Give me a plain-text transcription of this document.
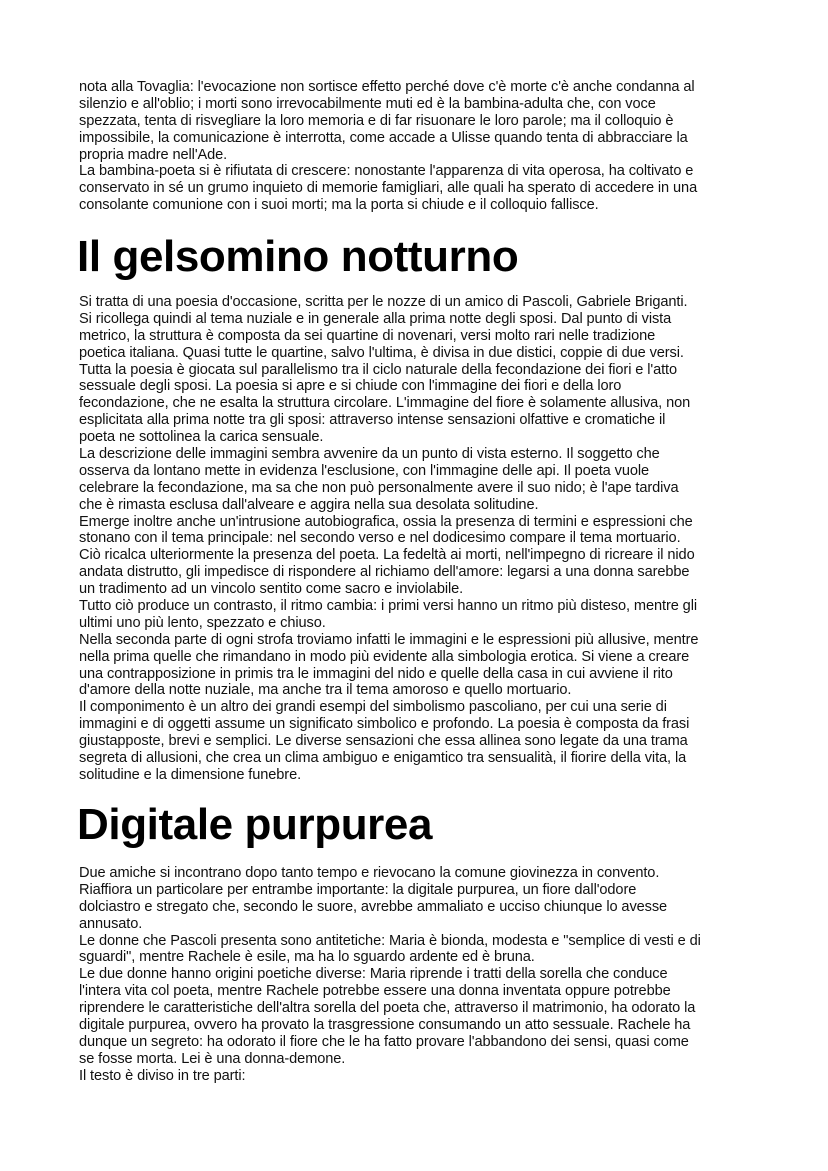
nota alla Tovaglia: l'evocazione non sortisce effetto perché dove c'è morte c'è anche condanna al
silenzio e all'oblio; i morti sono irrevocabilmente muti ed è la bambina-adulta che, con voce
spezzata, tenta di risvegliare la loro memoria e di far risuonare le loro parole; ma il colloquio è
impossibile, la comunicazione è interrotta, come accade a Ulisse quando tenta di abbracciare la
propria madre nell'Ade.
La bambina-poeta si è rifiutata di crescere: nonostante l'apparenza di vita operosa, ha coltivato e
conservato in sé un grumo inquieto di memorie famigliari, alle quali ha sperato di accedere in una
consolante comunione con i suoi morti; ma la porta si chiude e il colloquio fallisce.
Il gelsomino notturno
Si tratta di una poesia d'occasione, scritta per le nozze di un amico di Pascoli, Gabriele Briganti.
Si ricollega quindi al tema nuziale e in generale alla prima notte degli sposi. Dal punto di vista
metrico, la struttura è composta da sei quartine di novenari, versi molto rari nelle tradizione
poetica italiana. Quasi tutte le quartine, salvo l'ultima, è divisa in due distici, coppie di due versi.
Tutta la poesia è giocata sul parallelismo tra il ciclo naturale della fecondazione dei fiori e l'atto
sessuale degli sposi. La poesia si apre e si chiude con l'immagine dei fiori e della loro
fecondazione, che ne esalta la struttura circolare. L'immagine del fiore è solamente allusiva, non
esplicitata alla prima notte tra gli sposi: attraverso intense sensazioni olfattive e cromatiche il
poeta ne sottolinea la carica sensuale.
La descrizione delle immagini sembra avvenire da un punto di vista esterno. Il soggetto che
osserva da lontano mette in evidenza l'esclusione, con l'immagine delle api. Il poeta vuole
celebrare la fecondazione, ma sa che non può personalmente avere il suo nido; è l'ape tardiva
che è rimasta esclusa dall'alveare e aggira nella sua desolata solitudine.
Emerge inoltre anche un'intrusione autobiografica, ossia la presenza di termini e espressioni che
stonano con il tema principale: nel secondo verso e nel dodicesimo compare il tema mortuario.
Ciò ricalca ulteriormente la presenza del poeta. La fedeltà ai morti, nell'impegno di ricreare il nido
andata distrutto, gli impedisce di rispondere al richiamo dell'amore: legarsi a una donna sarebbe
un tradimento ad un vincolo sentito come sacro e inviolabile.
Tutto ciò produce un contrasto, il ritmo cambia: i primi versi hanno un ritmo più disteso, mentre gli
ultimi uno più lento, spezzato e chiuso.
Nella seconda parte di ogni strofa troviamo infatti le immagini e le espressioni più allusive, mentre
nella prima quelle che rimandano in modo più evidente alla simbologia erotica. Si viene a creare
una contrapposizione in primis tra le immagini del nido e quelle della casa in cui avviene il rito
d'amore della notte nuziale, ma anche tra il tema amoroso e quello mortuario.
Il componimento è un altro dei grandi esempi del simbolismo pascoliano, per cui una serie di
immagini e di oggetti assume un significato simbolico e profondo. La poesia è composta da frasi
giustapposte, brevi e semplici. Le diverse sensazioni che essa allinea sono legate da una trama
segreta di allusioni, che crea un clima ambiguo e enigamtico tra sensualità, il fiorire della vita, la
solitudine e la dimensione funebre.
Digitale purpurea
Due amiche si incontrano dopo tanto tempo e rievocano la comune giovinezza in convento.
Riaffiora un particolare per entrambe importante: la digitale purpurea, un fiore dall'odore
dolciastro e stregato che, secondo le suore, avrebbe ammaliato e ucciso chiunque lo avesse
annusato.
Le donne che Pascoli presenta sono antitetiche: Maria è bionda, modesta e "semplice di vesti e di
sguardi", mentre Rachele è esile, ma ha lo sguardo ardente ed è bruna.
Le due donne hanno origini poetiche diverse: Maria riprende i tratti della sorella che conduce
l'intera vita col poeta, mentre Rachele potrebbe essere una donna inventata oppure potrebbe
riprendere le caratteristiche dell'altra sorella del poeta che, attraverso il matrimonio, ha odorato la
digitale purpurea, ovvero ha provato la trasgressione consumando un atto sessuale. Rachele ha
dunque un segreto: ha odorato il fiore che le ha fatto provare l'abbandono dei sensi, quasi come
se fosse morta. Lei è una donna-demone.
Il testo è diviso in tre parti:
